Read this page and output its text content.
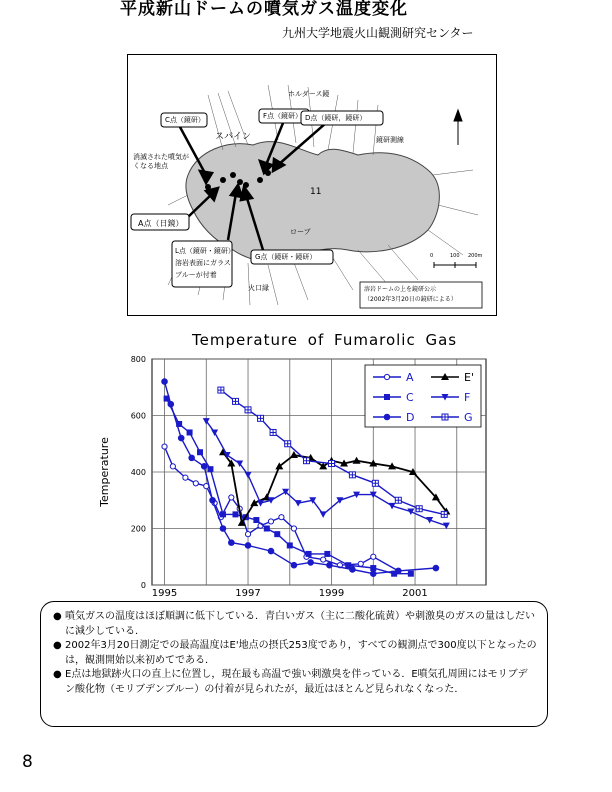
平成新山ドームの噴気ガス温度変化
九州大学地震火山観測研究センター
C点（鏡研）	F点（鏡研） D点（鏡研，鏡研）
スパイン
消滅された噴気が
くなる地点
A点（日鏡）
L点（鏡研・鏡研）
溶岩表面にガラス
ブルーが付着
G点（鏡研・鏡研）
11
火口縁
ローブ
ホルダース鏡
鏡研測線
溶岩ドームの上を鏡研公示
（2002年3月20日の鏡研による）
0	100 200m
Temperature of Fumarolic Gas
0
200
400
600
800
1995	1997	1999	2001
Temperature
A	E'
C	F
D	G
● 噴気ガスの温度はほぼ順調に低下している．青白いガス（主に二酸化硫黄）や刺激臭のガスの量はしだいに減少している．
● 2002年3月20日測定での最高温度はE'地点の摂氏253度であり，すべての観測点で300度以下となったのは，観測開始以来初めてである．
● E点は地獄跡火口の直上に位置し，現在最も高温で強い刺激臭を伴っている．E噴気孔周囲にはモリブデン酸化物（モリブデンブルー）の付着が見られたが，最近はほとんど見られなくなった．
8
